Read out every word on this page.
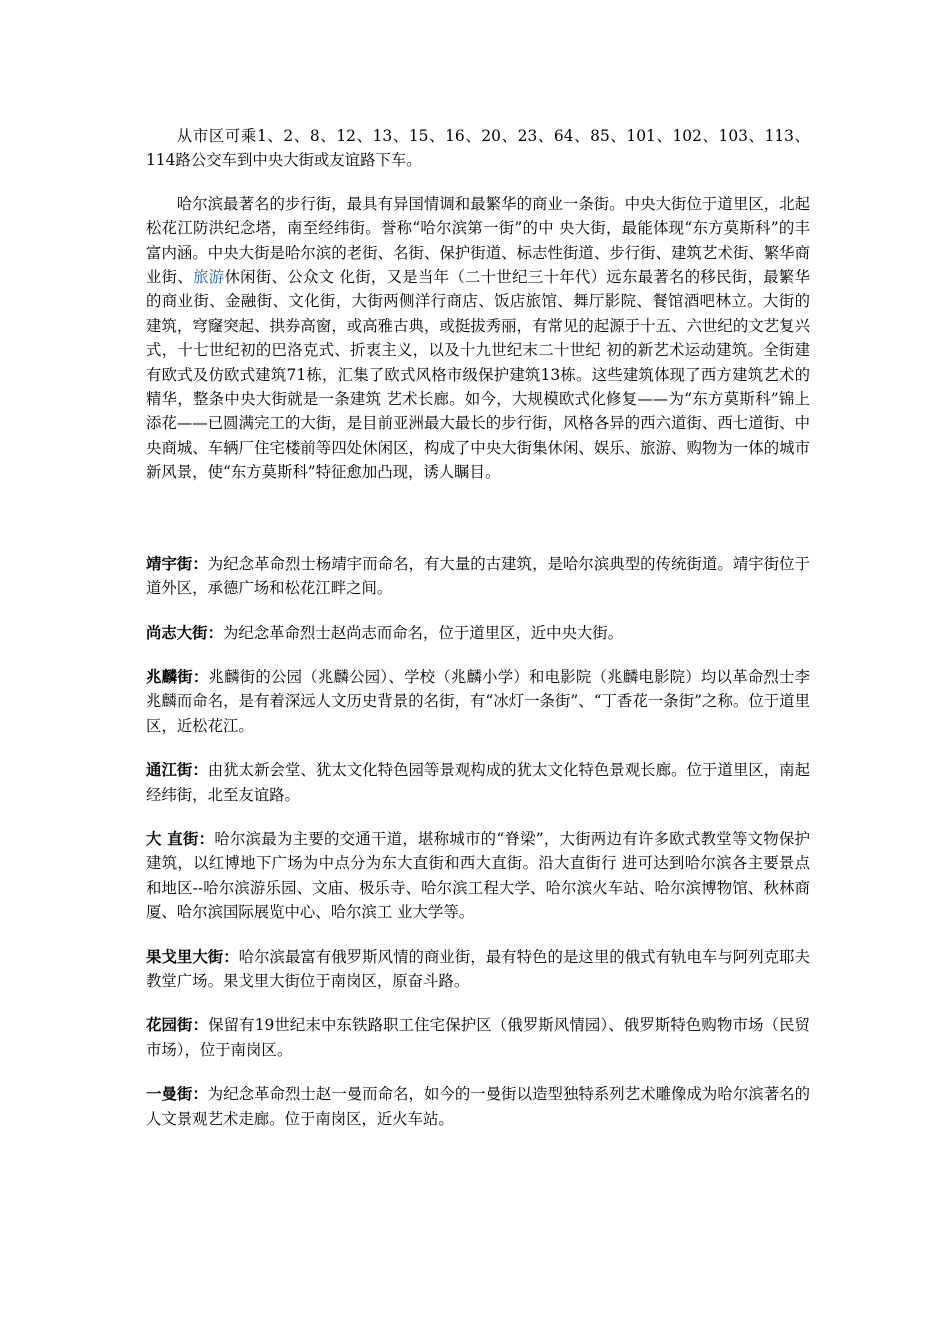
从市区可乘1、2、8、12、13、15、16、20、23、64、85、101、102、103、113、114路公交车到中央大街或友谊路下车。

哈尔滨最著名的步行街，最具有异国情调和最繁华的商业一条街。中央大街位于道里区，北起松花江防洪纪念塔，南至经纬街。誉称“哈尔滨第一街”的中 央大街，最能体现“东方莫斯科”的丰富内涵。中央大街是哈尔滨的老街、名街、保护街道、标志性街道、步行街、建筑艺术街、繁华商业街、旅游休闲街、公众文 化街，又是当年（二十世纪三十年代）远东最著名的移民街，最繁华的商业街、金融街、文化街，大街两侧洋行商店、饭店旅馆、舞厅影院、餐馆酒吧林立。大街的 建筑，穹窿突起、拱券高窗，或高雅古典，或挺拔秀丽，有常见的起源于十五、六世纪的文艺复兴式，十七世纪初的巴洛克式、折衷主义，以及十九世纪末二十世纪 初的新艺术运动建筑。全街建有欧式及仿欧式建筑71栋，汇集了欧式风格市级保护建筑13栋。这些建筑体现了西方建筑艺术的精华，整条中央大街就是一条建筑 艺术长廊。如今，大规模欧式化修复——为“东方莫斯科”锦上添花——已圆满完工的大街，是目前亚洲最大最长的步行街，风格各异的西六道街、西七道街、中央商城、车辆厂住宅楼前等四处休闲区，构成了中央大街集休闲、娱乐、旅游、购物为一体的城市新风景，使“东方莫斯科”特征愈加凸现，诱人瞩目。

靖宇街：为纪念革命烈士杨靖宇而命名，有大量的古建筑，是哈尔滨典型的传统街道。靖宇街位于道外区，承德广场和松花江畔之间。

尚志大街：为纪念革命烈士赵尚志而命名，位于道里区，近中央大街。

兆麟街：兆麟街的公园（兆麟公园）、学校（兆麟小学）和电影院（兆麟电影院）均以革命烈士李兆麟而命名，是有着深远人文历史背景的名街，有“冰灯一条街”、“丁香花一条街”之称。位于道里区，近松花江。

通江街：由犹太新会堂、犹太文化特色园等景观构成的犹太文化特色景观长廊。位于道里区，南起经纬街，北至友谊路。

大 直街：哈尔滨最为主要的交通干道，堪称城市的“脊梁”，大街两边有许多欧式教堂等文物保护建筑，以红博地下广场为中点分为东大直街和西大直街。沿大直街行 进可达到哈尔滨各主要景点和地区--哈尔滨游乐园、文庙、极乐寺、哈尔滨工程大学、哈尔滨火车站、哈尔滨博物馆、秋林商厦、哈尔滨国际展览中心、哈尔滨工 业大学等。

果戈里大街：哈尔滨最富有俄罗斯风情的商业街，最有特色的是这里的俄式有轨电车与阿列克耶夫教堂广场。果戈里大街位于南岗区，原奋斗路。

花园街：保留有19世纪末中东铁路职工住宅保护区（俄罗斯风情园）、俄罗斯特色购物市场（民贸市场），位于南岗区。

一曼街：为纪念革命烈士赵一曼而命名，如今的一曼街以造型独特系列艺术雕像成为哈尔滨著名的人文景观艺术走廊。位于南岗区，近火车站。
